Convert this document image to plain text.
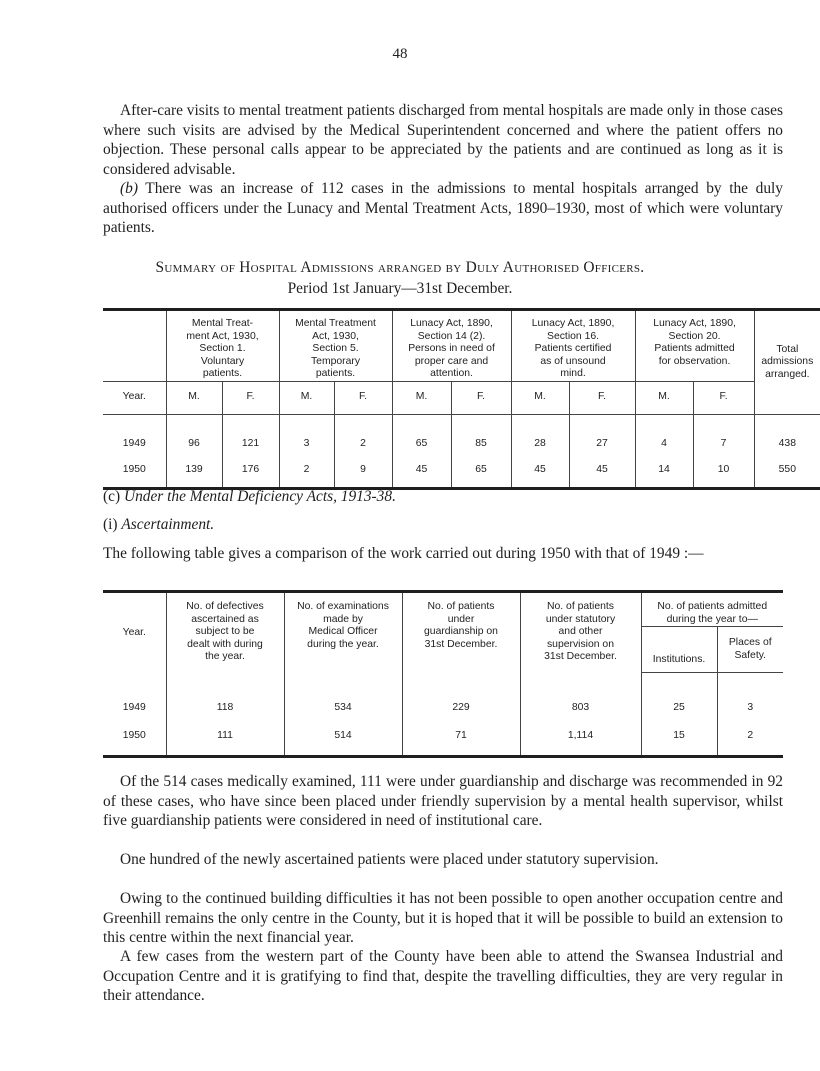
48

After-care visits to mental treatment patients discharged from mental hospitals are made only in those cases where such visits are advised by the Medical Superintendent concerned and where the patient offers no objection. These personal calls appear to be appreciated by the patients and are continued as long as it is considered advisable.

(b) There was an increase of 112 cases in the admissions to mental hospitals arranged by the duly authorised officers under the Lunacy and Mental Treatment Acts, 1890–1930, most of which were voluntary patients.

Summary of Hospital Admissions arranged by Duly Authorised Officers.

Period 1st January—31st December.

	Mental Treat-
ment Act, 1930,
Section 1.
Voluntary
patients.		Mental Treatment
Act, 1930,
Section 5.
Temporary
patients.		Lunacy Act, 1890,
Section 14 (2).
Persons in need of
proper care and
attention.		Lunacy Act, 1890,
Section 16.
Patients certified
as of unsound
mind.		Lunacy Act, 1890,
Section 20.
Patients admitted
for observation.		Total
admissions
arranged.
Year.	M.	F.	M.	F.	M.	F.	M.	F.	M.	F.	
1949	96	121	3	2	65	85	28	27	4	7	438
1950	139	176	2	9	45	65	45	45	14	10	550

(c) Under the Mental Deficiency Acts, 1913-38.

(i) Ascertainment.

The following table gives a comparison of the work carried out during 1950 with that of 1949 :—

Year.	No. of defectives
ascertained as
subject to be
dealt with during
the year.	No. of examinations
made by
Medical Officer
during the year.	No. of patients
under
guardianship on
31st December.	No. of patients
under statutory
and other
supervision on
31st December.	No. of patients admitted
during the year to—	
					Institutions.	Places of
Safety.
1949	118	534	229	803	25	3
1950	111	514	71	1,114	15	2

Of the 514 cases medically examined, 111 were under guardianship and discharge was recommended in 92 of these cases, who have since been placed under friendly supervision by a mental health supervisor, whilst five guardianship patients were considered in need of institutional care.

One hundred of the newly ascertained patients were placed under statutory supervision.

Owing to the continued building difficulties it has not been possible to open another occupation centre and Greenhill remains the only centre in the County, but it is hoped that it will be possible to build an extension to this centre within the next financial year.

A few cases from the western part of the County have been able to attend the Swansea Industrial and Occupation Centre and it is gratifying to find that, despite the travelling difficulties, they are very regular in their attendance.
